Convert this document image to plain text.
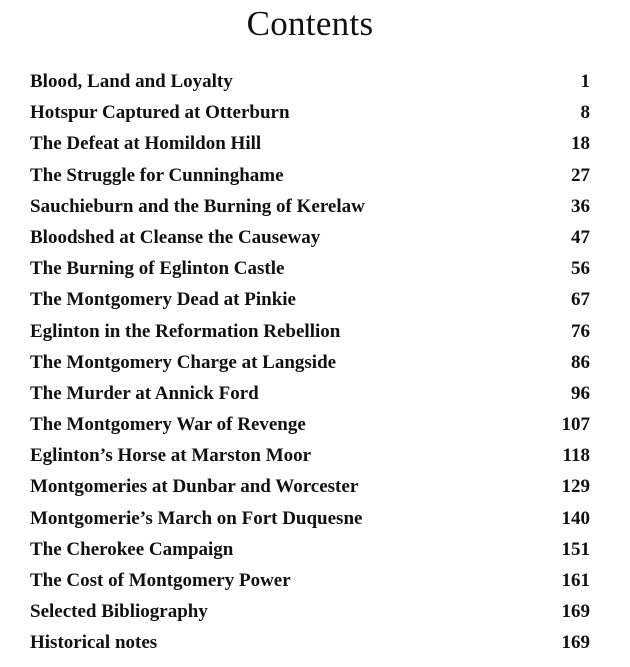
Contents
Blood, Land and Loyalty	1
Hotspur Captured at Otterburn	8
The Defeat at Homildon Hill	18
The Struggle for Cunninghame	27
Sauchieburn and the Burning of Kerelaw	36
Bloodshed at Cleanse the Causeway	47
The Burning of Eglinton Castle	56
The Montgomery Dead at Pinkie	67
Eglinton in the Reformation Rebellion	76
The Montgomery Charge at Langside	86
The Murder at Annick Ford	96
The Montgomery War of Revenge	107
Eglinton’s Horse at Marston Moor	118
Montgomeries at Dunbar and Worcester	129
Montgomerie’s March on Fort Duquesne	140
The Cherokee Campaign	151
The Cost of Montgomery Power	161
Selected Bibliography	169
Historical notes	169
